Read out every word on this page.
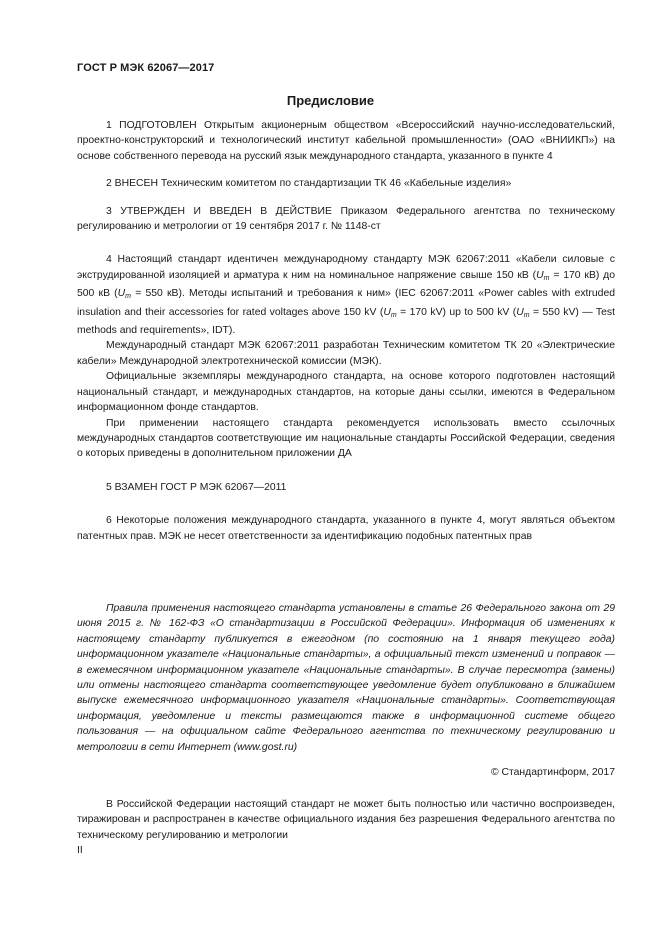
ГОСТ Р МЭК 62067—2017
Предисловие

1 ПОДГОТОВЛЕН Открытым акционерным обществом «Всероссийский научно-исследовательский, проектно-конструкторский и технологический институт кабельной промышленности» (ОАО «ВНИИКП») на основе собственного перевода на русский язык международного стандарта, указанного в пункте 4

2 ВНЕСЕН Техническим комитетом по стандартизации ТК 46 «Кабельные изделия»

3 УТВЕРЖДЕН И ВВЕДЕН В ДЕЙСТВИЕ Приказом Федерального агентства по техническому регулированию и метрологии от 19 сентября 2017 г. № 1148-ст

4 Настоящий стандарт идентичен международному стандарту МЭК 62067:2011 «Кабели силовые с экструдированной изоляцией и арматура к ним на номинальное напряжение свыше 150 кВ ($U_m = 170$ кВ) до 500 кВ ($U_m = 550$ кВ). Методы испытаний и требования к ним» (IEC 62067:2011 «Power cables with extruded insulation and their accessories for rated voltages above 150 kV ($U_m = 170$ kV) up to 500 kV ($U_m = 550$ kV) — Test methods and requirements», IDT).

Международный стандарт МЭК 62067:2011 разработан Техническим комитетом ТК 20 «Электрические кабели» Международной электротехнической комиссии (МЭК).

Официальные экземпляры международного стандарта, на основе которого подготовлен настоящий национальный стандарт, и международных стандартов, на которые даны ссылки, имеются в Федеральном информационном фонде стандартов.

При применении настоящего стандарта рекомендуется использовать вместо ссылочных международных стандартов соответствующие им национальные стандарты Российской Федерации, сведения о которых приведены в дополнительном приложении ДА

5 ВЗАМЕН ГОСТ Р МЭК 62067—2011

6 Некоторые положения международного стандарта, указанного в пункте 4, могут являться объектом патентных прав. МЭК не несет ответственности за идентификацию подобных патентных прав

Правила применения настоящего стандарта установлены в статье 26 Федерального закона от 29 июня 2015 г. № 162-ФЗ «О стандартизации в Российской Федерации». Информация об изменениях к настоящему стандарту публикуется в ежегодном (по состоянию на 1 января текущего года) информационном указателе «Национальные стандарты», а официальный текст изменений и поправок — в ежемесячном информационном указателе «Национальные стандарты». В случае пересмотра (замены) или отмены настоящего стандарта соответствующее уведомление будет опубликовано в ближайшем выпуске ежемесячного информационного указателя «Национальные стандарты». Соответствующая информация, уведомление и тексты размещаются также в информационной системе общего пользования — на официальном сайте Федерального агентства по техническому регулированию и метрологии в сети Интернет (www.gost.ru)

© Стандартинформ, 2017

В Российской Федерации настоящий стандарт не может быть полностью или частично воспроизведен, тиражирован и распространен в качестве официального издания без разрешения Федерального агентства по техническому регулированию и метрологии

II
